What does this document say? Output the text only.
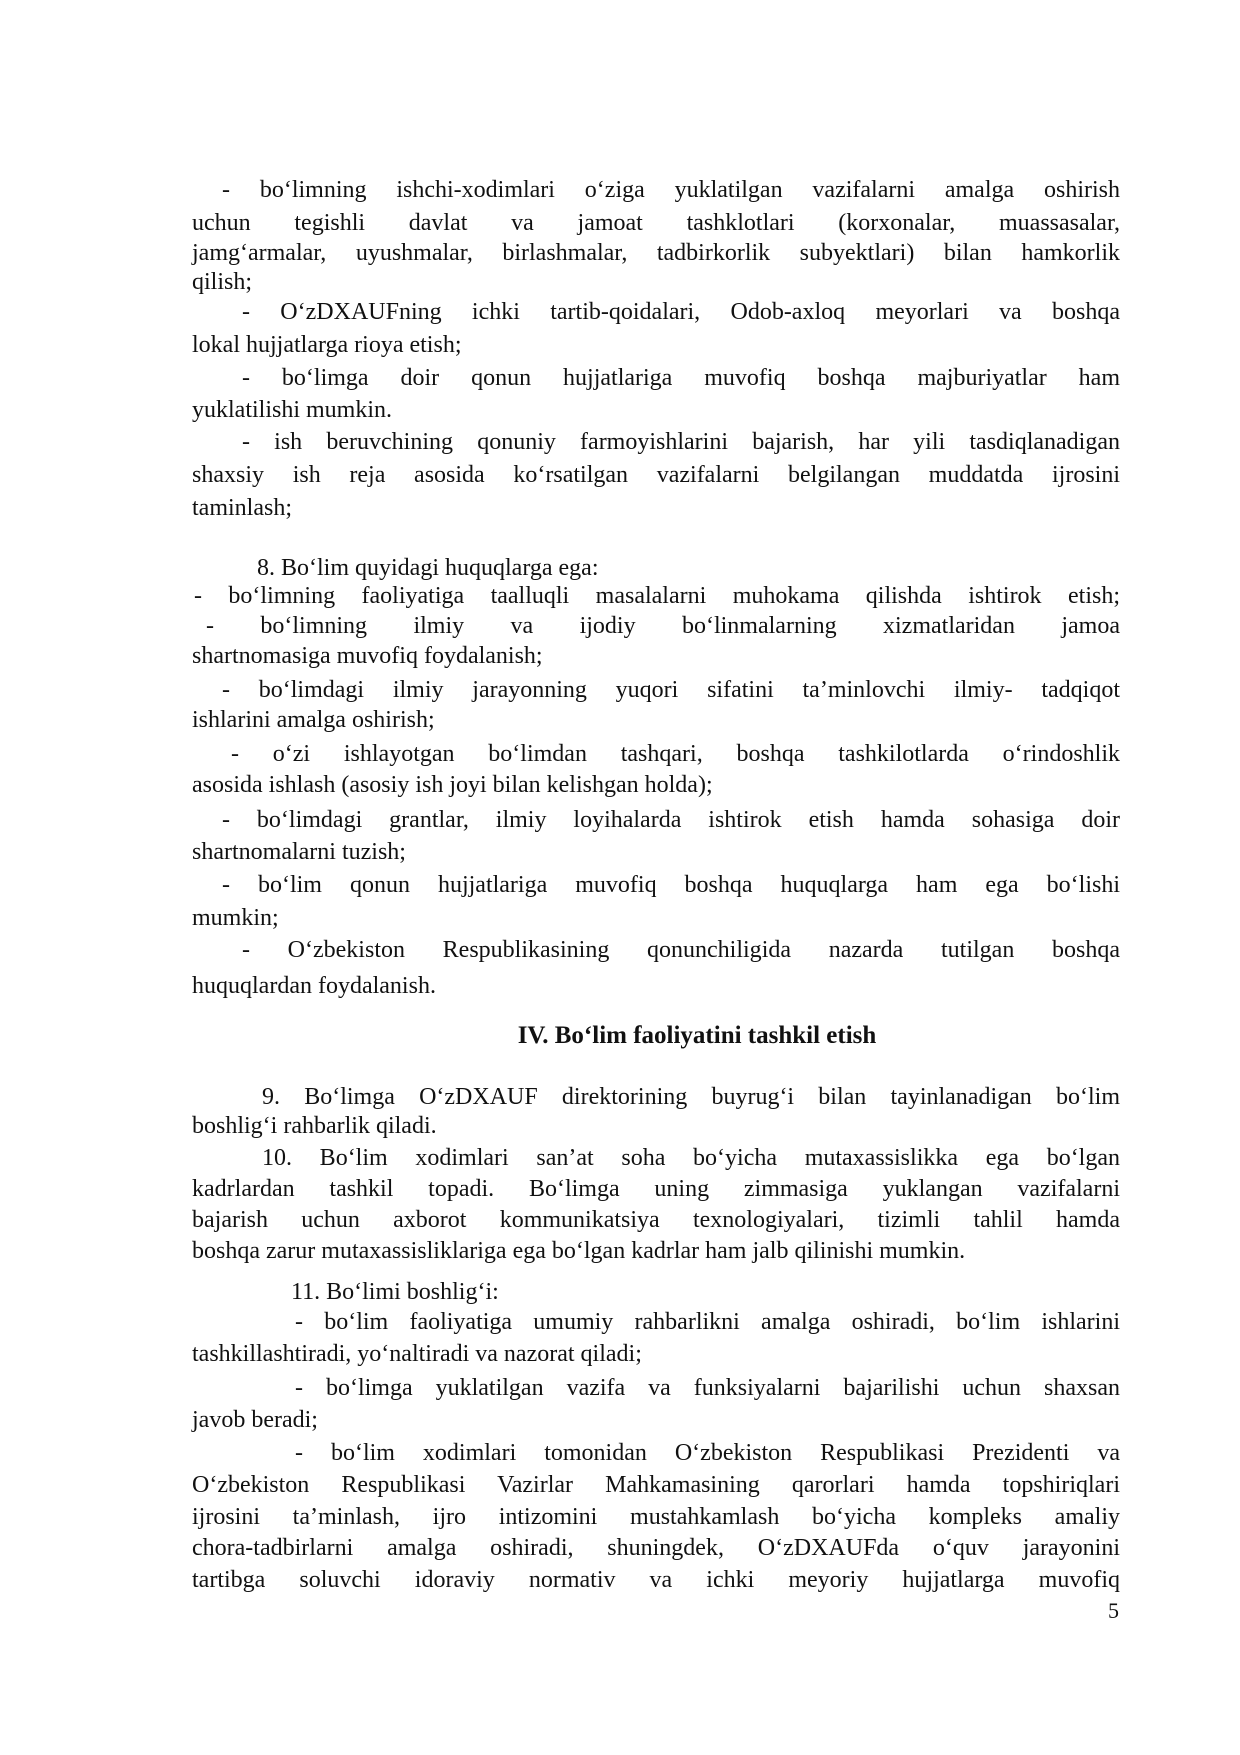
- bo‘limning ishchi-xodimlari o‘ziga yuklatilgan vazifalarni amalga oshirish
uchun tegishli davlat va jamoat tashklotlari (korxonalar, muassasalar,
jamg‘armalar, uyushmalar, birlashmalar, tadbirkorlik subyektlari) bilan hamkorlik
qilish;
- O‘zDXAUFning ichki tartib-qoidalari, Odob-axloq meyorlari va boshqa
lokal hujjatlarga rioya etish;
- bo‘limga doir qonun hujjatlariga muvofiq boshqa majburiyatlar ham
yuklatilishi mumkin.
- ish beruvchining qonuniy farmoyishlarini bajarish, har yili tasdiqlanadigan
shaxsiy ish reja asosida ko‘rsatilgan vazifalarni belgilangan muddatda ijrosini
taminlash;
8. Bo‘lim quyidagi huquqlarga ega:
- bo‘limning faoliyatiga taalluqli masalalarni muhokama qilishda ishtirok etish;
- bo‘limning ilmiy va ijodiy bo‘linmalarning xizmatlaridan jamoa
shartnomasiga muvofiq foydalanish;
- bo‘limdagi ilmiy jarayonning yuqori sifatini ta’minlovchi ilmiy- tadqiqot
ishlarini amalga oshirish;
- o‘zi ishlayotgan bo‘limdan tashqari, boshqa tashkilotlarda o‘rindoshlik
asosida ishlash (asosiy ish joyi bilan kelishgan holda);
- bo‘limdagi grantlar, ilmiy loyihalarda ishtirok etish hamda sohasiga doir
shartnomalarni tuzish;
- bo‘lim qonun hujjatlariga muvofiq boshqa huquqlarga ham ega bo‘lishi
mumkin;
- O‘zbekiston Respublikasining qonunchiligida nazarda tutilgan boshqa
huquqlardan foydalanish.
9. Bo‘limga O‘zDXAUF direktorining buyrug‘i bilan tayinlanadigan bo‘lim
boshlig‘i rahbarlik qiladi.
10. Bo‘lim xodimlari san’at soha bo‘yicha mutaxassislikka ega bo‘lgan
kadrlardan tashkil topadi. Bo‘limga uning zimmasiga yuklangan vazifalarni
bajarish uchun axborot kommunikatsiya texnologiyalari, tizimli tahlil hamda
boshqa zarur mutaxassisliklariga ega bo‘lgan kadrlar ham jalb qilinishi mumkin.
11. Bo‘limi boshlig‘i:
- bo‘lim faoliyatiga umumiy rahbarlikni amalga oshiradi, bo‘lim ishlarini
tashkillashtiradi, yo‘naltiradi va nazorat qiladi;
- bo‘limga yuklatilgan vazifa va funksiyalarni bajarilishi uchun shaxsan
javob beradi;
- bo‘lim xodimlari tomonidan O‘zbekiston Respublikasi Prezidenti va
O‘zbekiston Respublikasi Vazirlar Mahkamasining qarorlari hamda topshiriqlari
ijrosini ta’minlash, ijro intizomini mustahkamlash bo‘yicha kompleks amaliy
chora-tadbirlarni amalga oshiradi, shuningdek, O‘zDXAUFda o‘quv jarayonini
tartibga soluvchi idoraviy normativ va ichki meyoriy hujjatlarga muvofiq
IV. Bo‘lim faoliyatini tashkil etish
5
